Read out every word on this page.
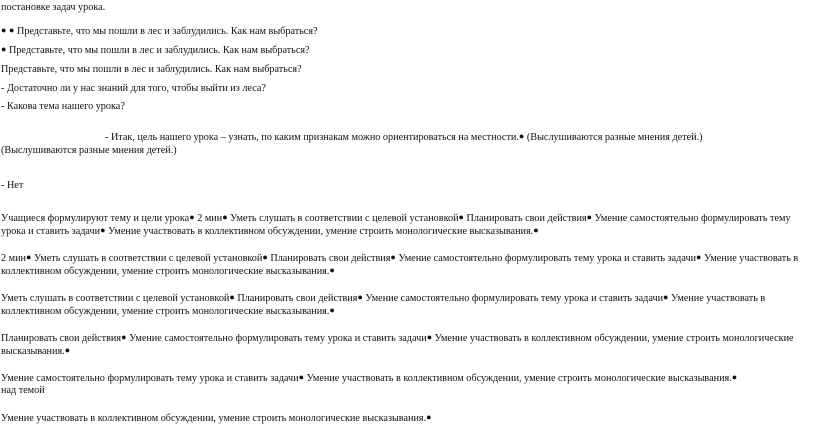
постановке задач урока.
● ● Представьте, что мы пошли в лес и заблудились. Как нам выбраться?
● Представьте, что мы пошли в лес и заблудились. Как нам выбраться?
Представьте, что мы пошли в лес и заблудились. Как нам выбраться?
- Достаточно ли у нас знаний для того, чтобы выйти из леса?
- Какова тема нашего урока?
- Итак, цель нашего урока – узнать, по каким признакам можно ориентироваться на местности.● (Выслушиваются разные мнения детей.)
(Выслушиваются разные мнения детей.)
- Нет
Учащиеся формулируют тему и цели урока● 2 мин● Уметь слушать в соответствии с целевой установкой● Планировать свои действия● Умение самостоятельно формулировать тему урока и ставить задачи● Умение участвовать в коллективном обсуждении, умение строить монологические высказывания.●
2 мин● Уметь слушать в соответствии с целевой установкой● Планировать свои действия● Умение самостоятельно формулировать тему урока и ставить задачи● Умение участвовать в коллективном обсуждении, умение строить монологические высказывания.●
Уметь слушать в соответствии с целевой установкой● Планировать свои действия● Умение самостоятельно формулировать тему урока и ставить задачи● Умение участвовать в коллективном обсуждении, умение строить монологические высказывания.●
Планировать свои действия● Умение самостоятельно формулировать тему урока и ставить задачи● Умение участвовать в коллективном обсуждении, умение строить монологические высказывания.●
Умение самостоятельно формулировать тему урока и ставить задачи● Умение участвовать в коллективном обсуждении, умение строить монологические высказывания.●
над темой
Умение участвовать в коллективном обсуждении, умение строить монологические высказывания.●
